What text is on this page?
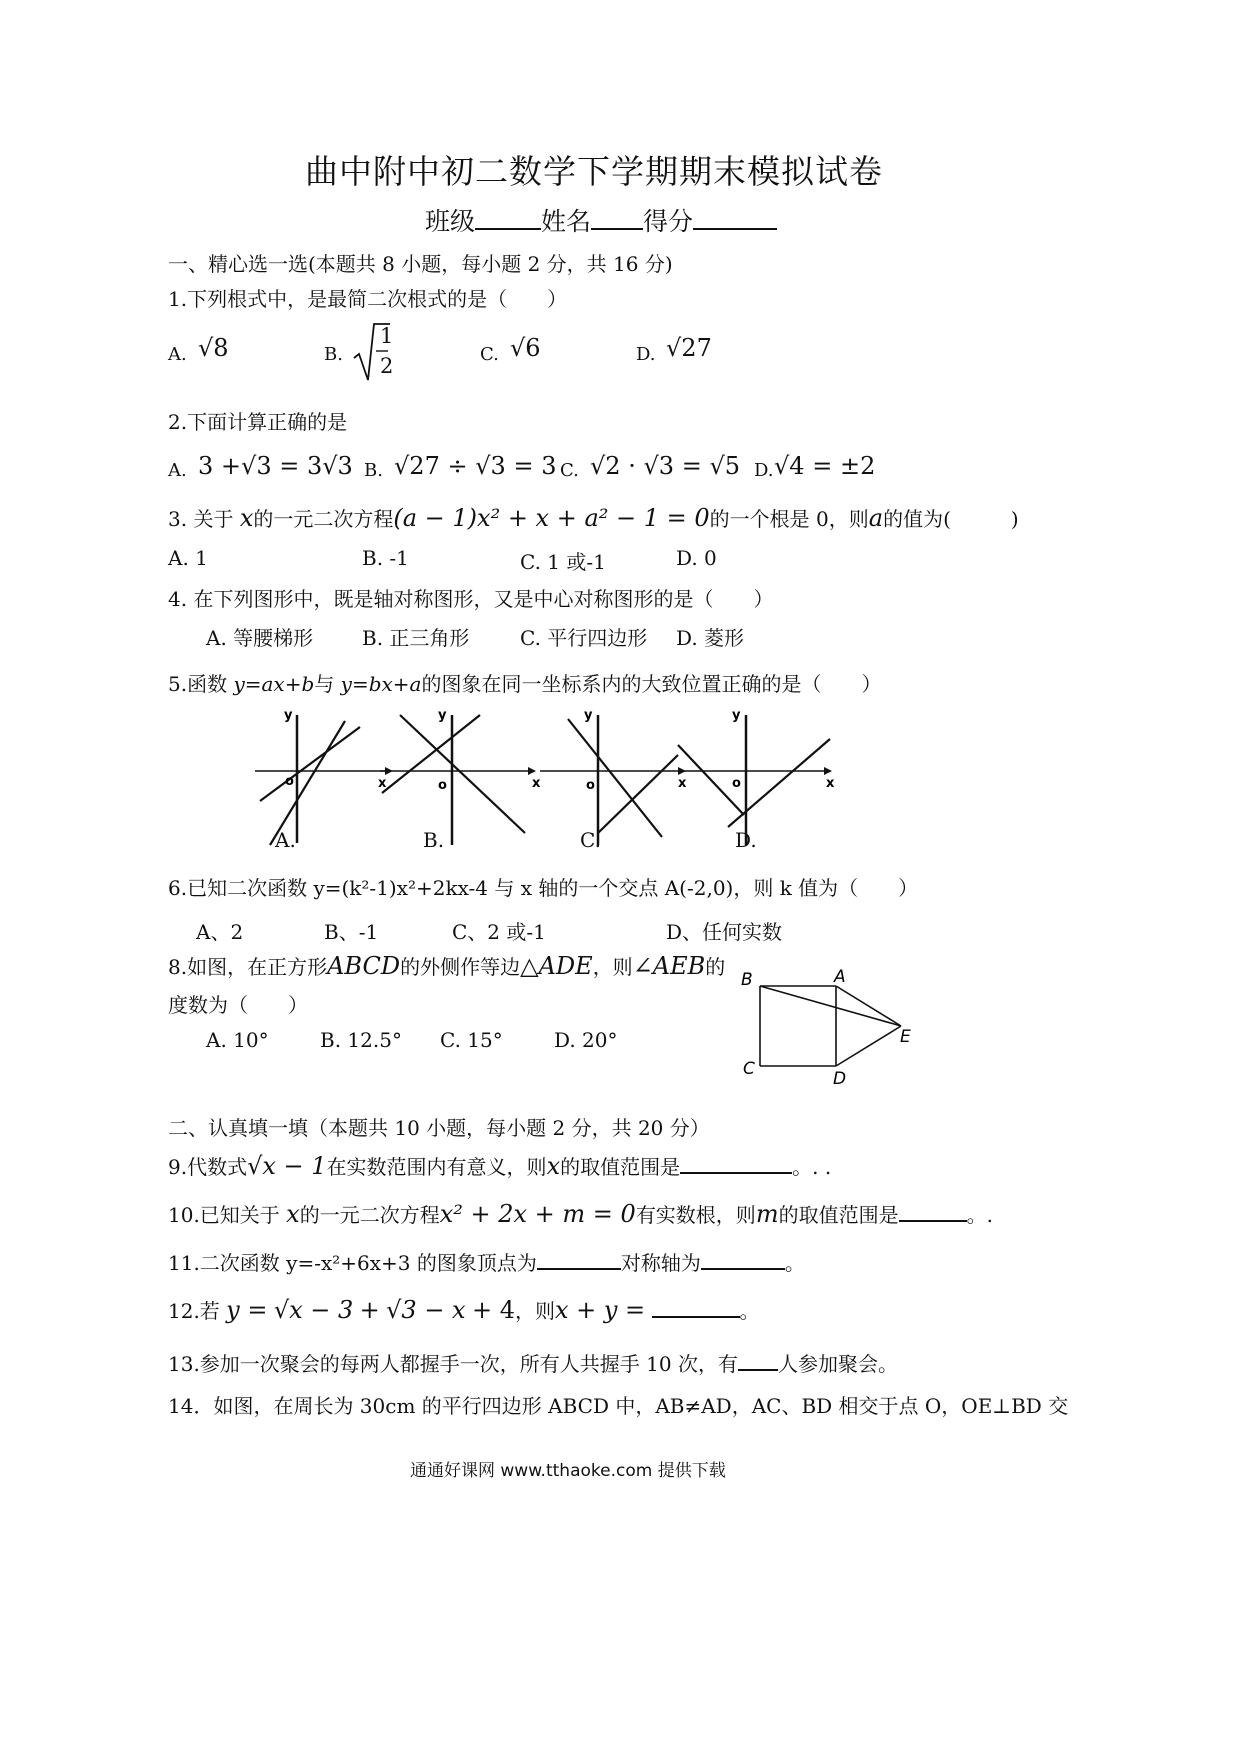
曲中附中初二数学下学期期末模拟试卷
班级	姓名 得分
一、精心选一选(本题共 8 小题，每小题 2 分，共 16 分)
1.下列根式中，是最简二次根式的是（　　）
A. √8	B.
1
2	C. √6	D. √27
2.下面计算正确的是
A. 3 +√3 = 3√3 B. √27 ÷ √3 = 3 C. √2 · √3 = √5 D. √4 = ±2
3. 关于 x的一元二次方程(a − 1)x² + x + a² − 1 = 0的一个根是 0，则a的值为(　　　)
A. 1	B. -1	C. 1 或-1	D. 0
4. 在下列图形中，既是轴对称图形，又是中心对称图形的是（　　）
A. 等腰梯形 B. 正三角形	C. 平行四边形 D. 菱形
5.函数 y=ax+b与 y=bx+a的图象在同一坐标系内的大致位置正确的是（　　）
y
x
o
y
x
o
y
x
o
y
x
o
A.	B.	C.	D.
6.已知二次函数 y=(k²-1)x²+2kx-4 与 x 轴的一个交点 A(-2,0)，则 k 值为（　　）
A、2	B、-1	C、2 或-1	D、任何实数
8.如图，在正方形ABCD的外侧作等边△ADE，则∠AEB的
度数为（　　）
A. 10°	B. 12.5° C. 15°	D. 20°
B	A
E
C	D
二、认真填一填（本题共 10 小题，每小题 2 分，共 20 分）
9.代数式√x − 1在实数范围内有意义，则x的取值范围是	。. .
10.已知关于 x的一元二次方程x² + 2x + m = 0有实数根，则m的取值范围是	。.
11.二次函数 y=-x²+6x+3 的图象顶点为	对称轴为	。
12.若 y = √x − 3 + √3 − x + 4，则x + y =	。
13.参加一次聚会的每两人都握手一次，所有人共握手 10 次，有 人参加聚会。
14．如图，在周长为 30cm 的平行四边形 ABCD 中，AB≠AD，AC、BD 相交于点 O，OE⊥BD 交
通通好课网 www.tthaoke.com 提供下载
